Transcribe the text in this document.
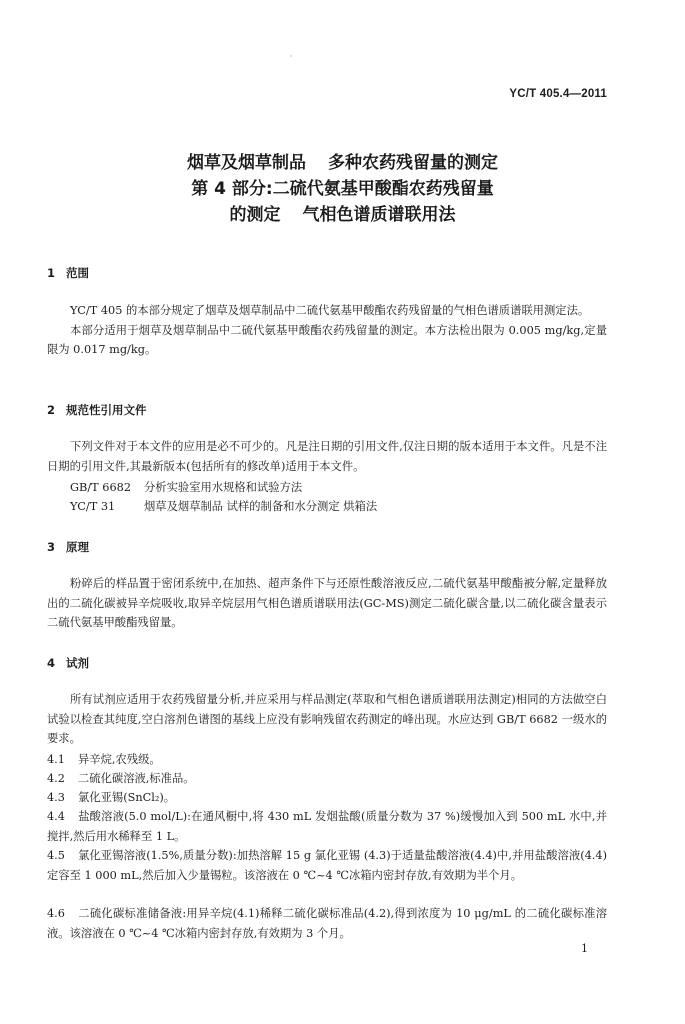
·
YC/T 405.4—2011
烟草及烟草制品 多种农药残留量的测定
第 4 部分:二硫代氨基甲酸酯农药残留量
的测定 气相色谱质谱联用法
1 范围

YC/T 405 的本部分规定了烟草及烟草制品中二硫代氨基甲酸酯农药残留量的气相色谱质谱联用测定法。

本部分适用于烟草及烟草制品中二硫代氨基甲酸酯农药残留量的测定。本方法检出限为 0.005 mg/kg,定量限为 0.017 mg/kg。

2 规范性引用文件

下列文件对于本文件的应用是必不可少的。凡是注日期的引用文件,仅注日期的版本适用于本文件。凡是不注日期的引用文件,其最新版本(包括所有的修改单)适用于本文件。

GB/T 6682 分析实验室用水规格和试验方法
YC/T 31	烟草及烟草制品 试样的制备和水分测定 烘箱法
3 原理

粉碎后的样品置于密闭系统中,在加热、超声条件下与还原性酸溶液反应,二硫代氨基甲酸酯被分解,定量释放出的二硫化碳被异辛烷吸收,取异辛烷层用气相色谱质谱联用法(GC-MS)测定二硫化碳含量,以二硫化碳含量表示二硫代氨基甲酸酯残留量。

4 试剂

所有试剂应适用于农药残留量分析,并应采用与样品测定(萃取和气相色谱质谱联用法测定)相同的方法做空白试验以检查其纯度,空白溶剂色谱图的基线上应没有影响残留农药测定的峰出现。水应达到 GB/T 6682 一级水的要求。

4.1 异辛烷,农残级。
4.2 二硫化碳溶液,标准品。
4.3 氯化亚锡(SnCl₂)。
4.4 盐酸溶液(5.0 mol/L):在通风橱中,将 430 mL 发烟盐酸(质量分数为 37 %)缓慢加入到 500 mL 水中,并搅拌,然后用水稀释至 1 L。
4.5 氯化亚锡溶液(1.5%,质量分数):加热溶解 15 g 氯化亚锡 (4.3)于适量盐酸溶液(4.4)中,并用盐酸溶液(4.4)定容至 1 000 mL,然后加入少量锡粒。该溶液在 0 ℃~4 ℃冰箱内密封存放,有效期为半个月。
4.6 二硫化碳标准储备液:用异辛烷(4.1)稀释二硫化碳标准品(4.2),得到浓度为 10 μg/mL 的二硫化碳标准溶液。该溶液在 0 ℃~4 ℃冰箱内密封存放,有效期为 3 个月。
1
